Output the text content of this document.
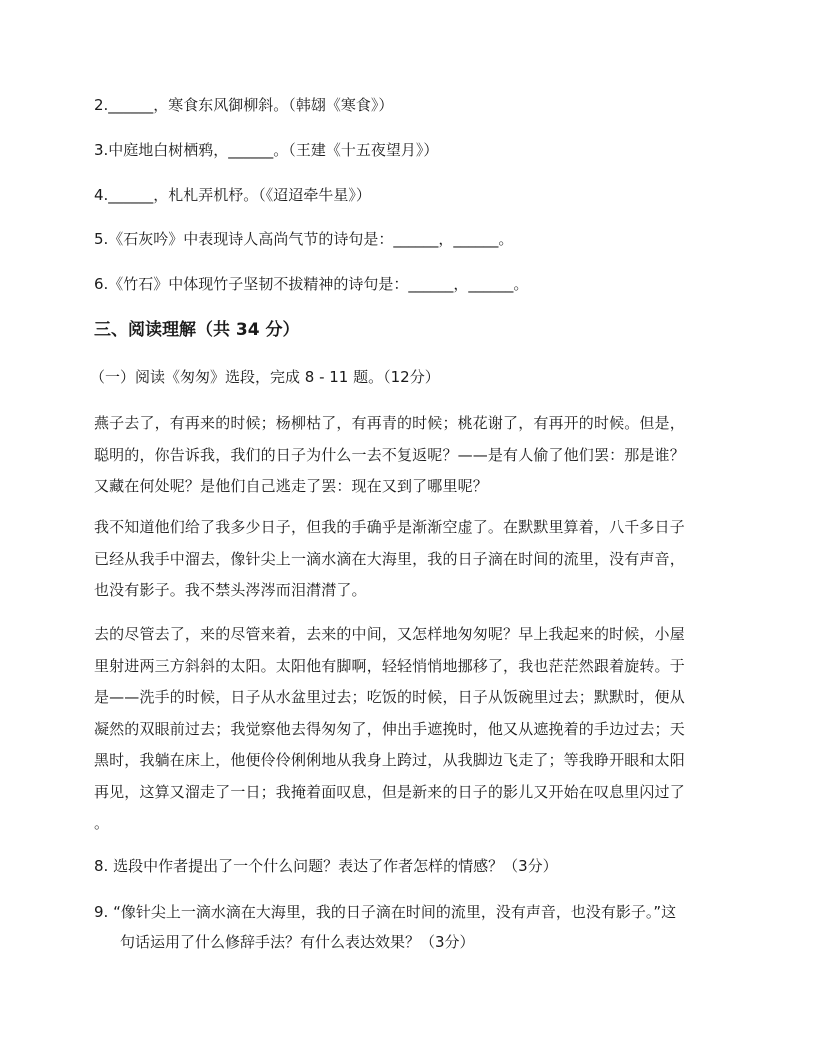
2.______，寒食东风御柳斜。（韩翃《寒食》）
3.中庭地白树栖鸦，______。（王建《十五夜望月》）
4.______，札札弄机杼。（《迢迢牵牛星》）
5.《石灰吟》中表现诗人高尚气节的诗句是：______，______。
6.《竹石》中体现竹子坚韧不拔精神的诗句是：______，______。
三、阅读理解（共 34 分）
（一）阅读《匆匆》选段，完成 8 - 11 题。（12分）
燕子去了，有再来的时候；杨柳枯了，有再青的时候；桃花谢了，有再开的时候。但是，
聪明的，你告诉我，我们的日子为什么一去不复返呢？——是有人偷了他们罢：那是谁？
又藏在何处呢？是他们自己逃走了罢：现在又到了哪里呢？
我不知道他们给了我多少日子，但我的手确乎是渐渐空虚了。在默默里算着，八千多日子
已经从我手中溜去，像针尖上一滴水滴在大海里，我的日子滴在时间的流里，没有声音，
也没有影子。我不禁头涔涔而泪潸潸了。
去的尽管去了，来的尽管来着，去来的中间，又怎样地匆匆呢？早上我起来的时候，小屋
里射进两三方斜斜的太阳。太阳他有脚啊，轻轻悄悄地挪移了，我也茫茫然跟着旋转。于
是——洗手的时候，日子从水盆里过去；吃饭的时候，日子从饭碗里过去；默默时，便从
凝然的双眼前过去；我觉察他去得匆匆了，伸出手遮挽时，他又从遮挽着的手边过去；天
黑时，我躺在床上，他便伶伶俐俐地从我身上跨过，从我脚边飞走了；等我睁开眼和太阳
再见，这算又溜走了一日；我掩着面叹息，但是新来的日子的影儿又开始在叹息里闪过了
。
8. 选段中作者提出了一个什么问题？表达了作者怎样的情感？（3分）
9. “像针尖上一滴水滴在大海里，我的日子滴在时间的流里，没有声音，也没有影子。”这
句话运用了什么修辞手法？有什么表达效果？（3分）
